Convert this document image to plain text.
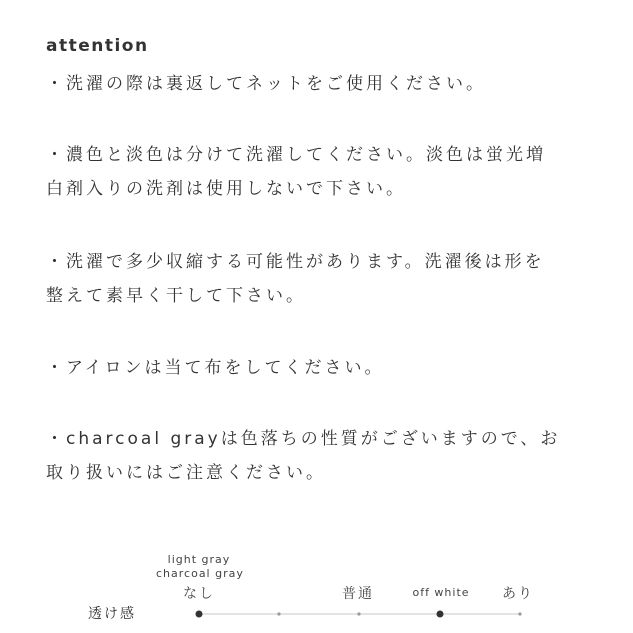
attention
・洗濯の際は裏返してネットをご使用ください。
・濃色と淡色は分けて洗濯してください。淡色は蛍光増
白剤入りの洗剤は使用しないで下さい。
・洗濯で多少収縮する可能性があります。洗濯後は形を
整えて素早く干して下さい。
・アイロンは当て布をしてください。
・charcoal grayは色落ちの性質がございますので、お
取り扱いにはご注意ください。
light gray
charcoal gray
なし	普通	off white あり
透け感
